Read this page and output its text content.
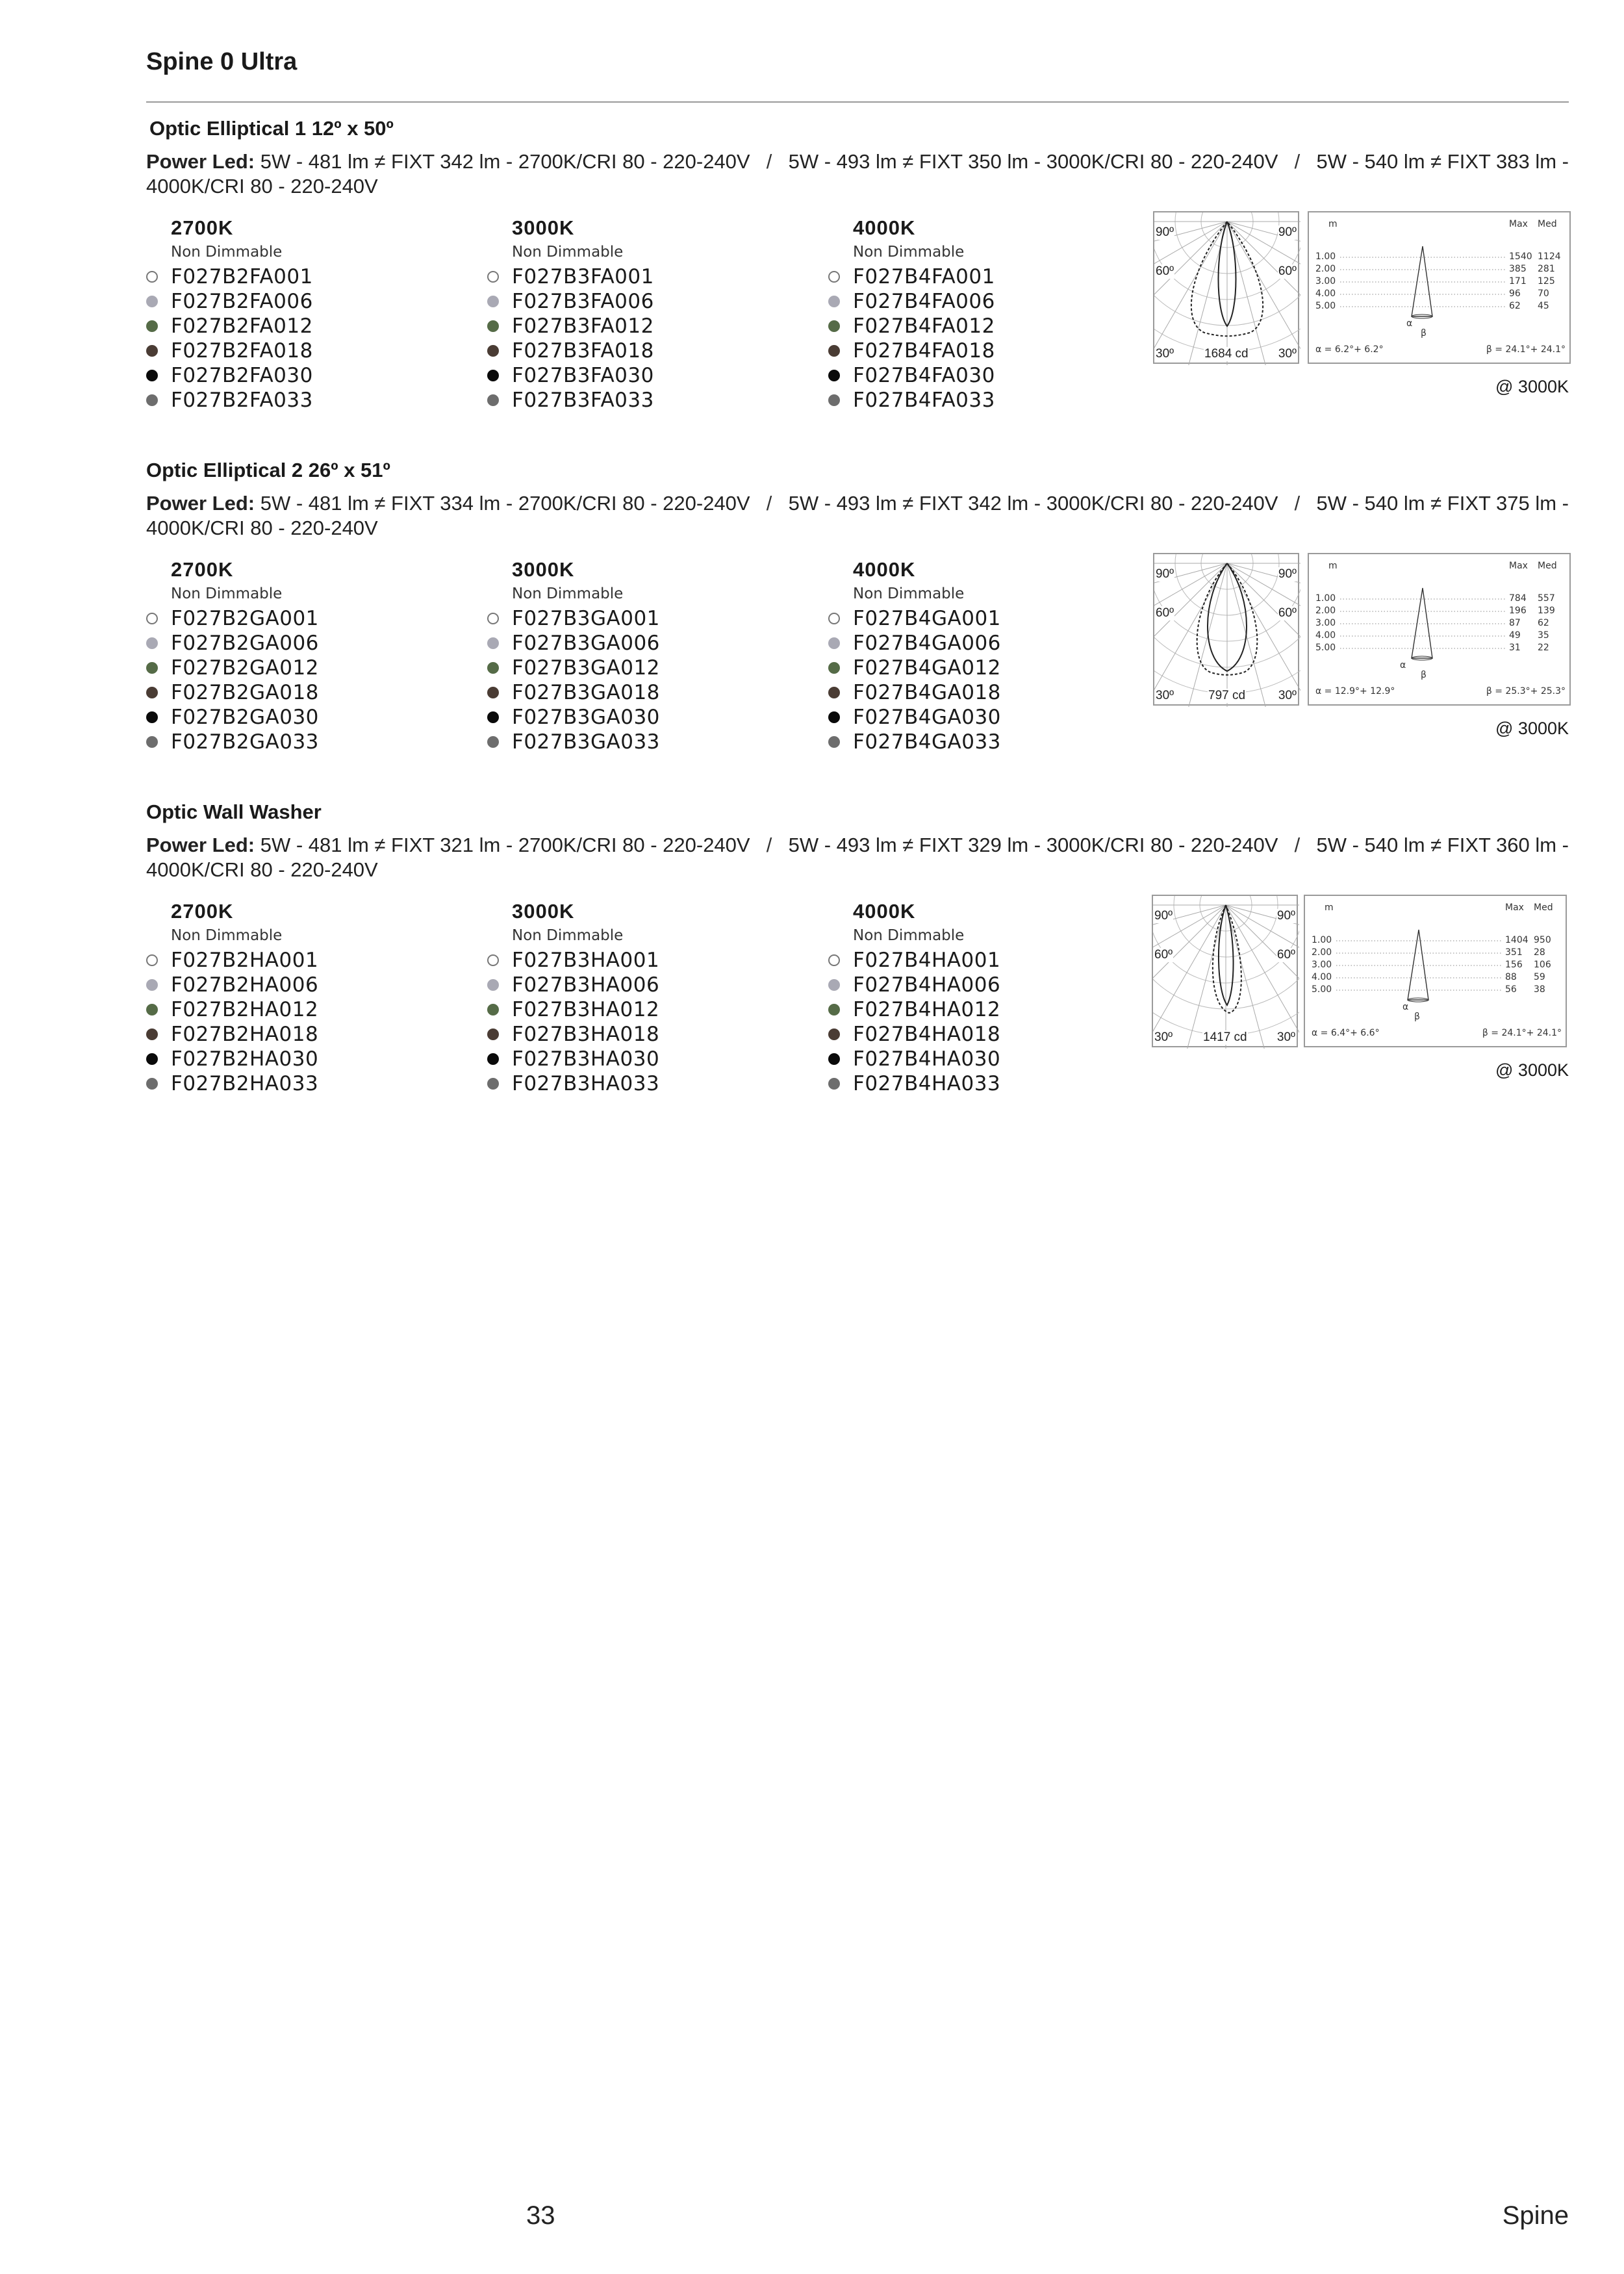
Spine 0 Ultra
Optic Elliptical 1 12º x 50º
Power Led: 5W - 481 lm ≠ FIXT 342 lm - 2700K/CRI 80 - 220-240V / 5W - 493 lm ≠ FIXT 350 lm - 3000K/CRI 80 - 220-240V / 5W - 540 lm ≠ FIXT 383 lm -
4000K/CRI 80 - 220-240V
2700K
Non Dimmable
F027B2FA001
F027B2FA006
F027B2FA012
F027B2FA018
F027B2FA030
F027B2FA033
3000K
Non Dimmable
F027B3FA001
F027B3FA006
F027B3FA012
F027B3FA018
F027B3FA030
F027B3FA033
4000K
Non Dimmable
F027B4FA001
F027B4FA006
F027B4FA012
F027B4FA018
F027B4FA030
F027B4FA033
90º	90º
60º	60º
30º	30º
1684 cd
m	Max Med
1.00	1540 1124
2.00	385 281
3.00	171 125
4.00	96 70
5.00	62 45
α
β
α = 6.2°+ 6.2°	β = 24.1°+ 24.1°
@ 3000K
Optic Elliptical 2 26º x 51º
Power Led: 5W - 481 lm ≠ FIXT 334 lm - 2700K/CRI 80 - 220-240V / 5W - 493 lm ≠ FIXT 342 lm - 3000K/CRI 80 - 220-240V / 5W - 540 lm ≠ FIXT 375 lm -
4000K/CRI 80 - 220-240V
2700K
Non Dimmable
F027B2GA001
F027B2GA006
F027B2GA012
F027B2GA018
F027B2GA030
F027B2GA033
3000K
Non Dimmable
F027B3GA001
F027B3GA006
F027B3GA012
F027B3GA018
F027B3GA030
F027B3GA033
4000K
Non Dimmable
F027B4GA001
F027B4GA006
F027B4GA012
F027B4GA018
F027B4GA030
F027B4GA033
90º	90º
60º	60º
30º	30º
797 cd
m	Max Med
1.00	784 557
2.00	196 139
3.00	87 62
4.00	49 35
5.00	31 22
α
β
α = 12.9°+ 12.9°	β = 25.3°+ 25.3°
@ 3000K
Optic Wall Washer
Power Led: 5W - 481 lm ≠ FIXT 321 lm - 2700K/CRI 80 - 220-240V / 5W - 493 lm ≠ FIXT 329 lm - 3000K/CRI 80 - 220-240V / 5W - 540 lm ≠ FIXT 360 lm -
4000K/CRI 80 - 220-240V
2700K
Non Dimmable
F027B2HA001
F027B2HA006
F027B2HA012
F027B2HA018
F027B2HA030
F027B2HA033
3000K
Non Dimmable
F027B3HA001
F027B3HA006
F027B3HA012
F027B3HA018
F027B3HA030
F027B3HA033
4000K
Non Dimmable
F027B4HA001
F027B4HA006
F027B4HA012
F027B4HA018
F027B4HA030
F027B4HA033
90º	90º
60º	60º
30º	30º
1417 cd
m	Max Med
1.00	1404 950
2.00	351 28
3.00	156 106
4.00	88 59
5.00	56 38
α
β
α = 6.4°+ 6.6°	β = 24.1°+ 24.1°
@ 3000K
33	Spine
